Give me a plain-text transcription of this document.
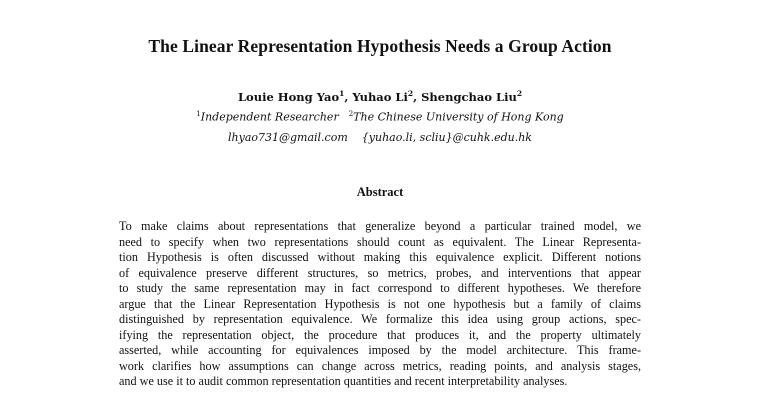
The Linear Representation Hypothesis Needs a Group Action
Louie Hong Yao$^1$, Yuhao Li$^2$, Shengchao Liu$^2$
$^1$Independent Researcher $^2$The Chinese University of Hong Kong
lhyao731@gmail.com {yuhao.li, scliu}@cuhk.edu.hk
Abstract
To make claims about representations that generalize beyond a particular trained model, we
need to specify when two representations should count as equivalent. The Linear Representa-
tion Hypothesis is often discussed without making this equivalence explicit. Different notions
of equivalence preserve different structures, so metrics, probes, and interventions that appear
to study the same representation may in fact correspond to different hypotheses. We therefore
argue that the Linear Representation Hypothesis is not one hypothesis but a family of claims
distinguished by representation equivalence. We formalize this idea using group actions, spec-
ifying the representation object, the procedure that produces it, and the property ultimately
asserted, while accounting for equivalences imposed by the model architecture. This frame-
work clarifies how assumptions can change across metrics, reading points, and analysis stages,
and we use it to audit common representation quantities and recent interpretability analyses.
